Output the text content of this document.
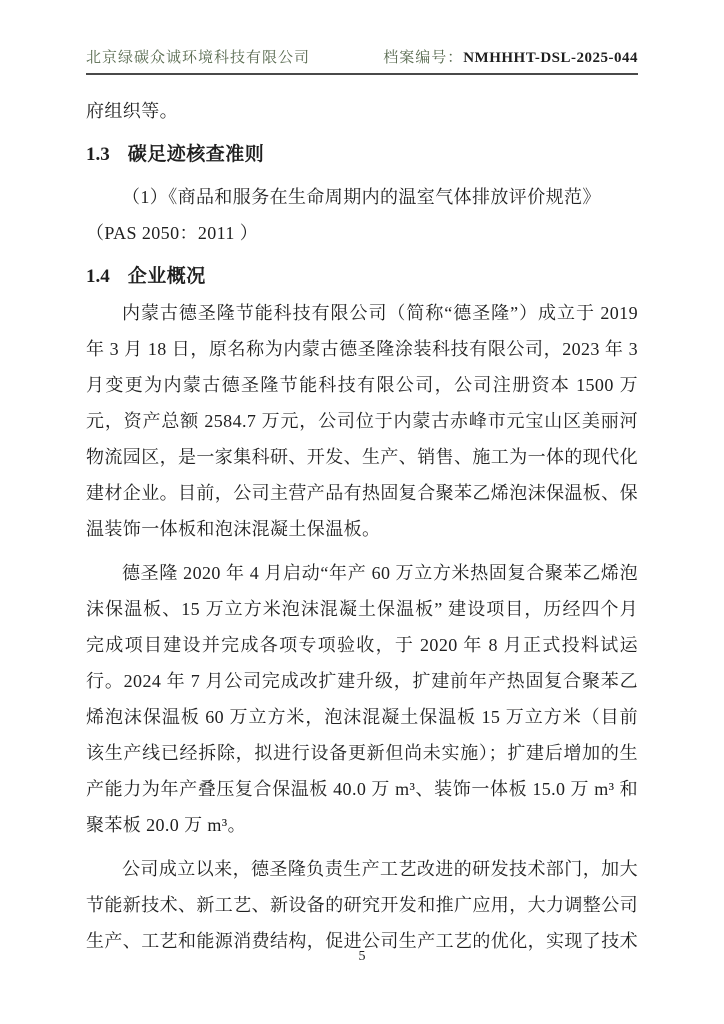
北京绿碳众诚环境科技有限公司	档案编号：NMHHHT-DSL-2025-044
府组织等。
1.3 碳足迹核查准则
（1）《商品和服务在生命周期内的温室气体排放评价规范》
（PAS 2050：2011 ）
1.4 企业概况

内蒙古德圣隆节能科技有限公司（简称“德圣隆”）成立于 2019 年 3 月 18 日，原名称为内蒙古德圣隆涂装科技有限公司，2023 年 3 月变更为内蒙古德圣隆节能科技有限公司，公司注册资本 1500 万元，资产总额 2584.7 万元，公司位于内蒙古赤峰市元宝山区美丽河物流园区，是一家集科研、开发、生产、销售、施工为一体的现代化建材企业。目前，公司主营产品有热固复合聚苯乙烯泡沫保温板、保温装饰一体板和泡沫混凝土保温板。

德圣隆 2020 年 4 月启动“年产 60 万立方米热固复合聚苯乙烯泡沫保温板、15 万立方米泡沫混凝土保温板” 建设项目，历经四个月完成项目建设并完成各项专项验收，于 2020 年 8 月正式投料试运行。2024 年 7 月公司完成改扩建升级，扩建前年产热固复合聚苯乙烯泡沫保温板 60 万立方米，泡沫混凝土保温板 15 万立方米（目前该生产线已经拆除，拟进行设备更新但尚未实施）；扩建后增加的生产能力为年产叠压复合保温板 40.0 万 m³、装饰一体板 15.0 万 m³ 和聚苯板 20.0 万 m³。

公司成立以来，德圣隆负责生产工艺改进的研发技术部门，加大节能新技术、新工艺、新设备的研究开发和推广应用，大力调整公司生产、工艺和能源消费结构，促进公司生产工艺的优化，实现了技术

5
